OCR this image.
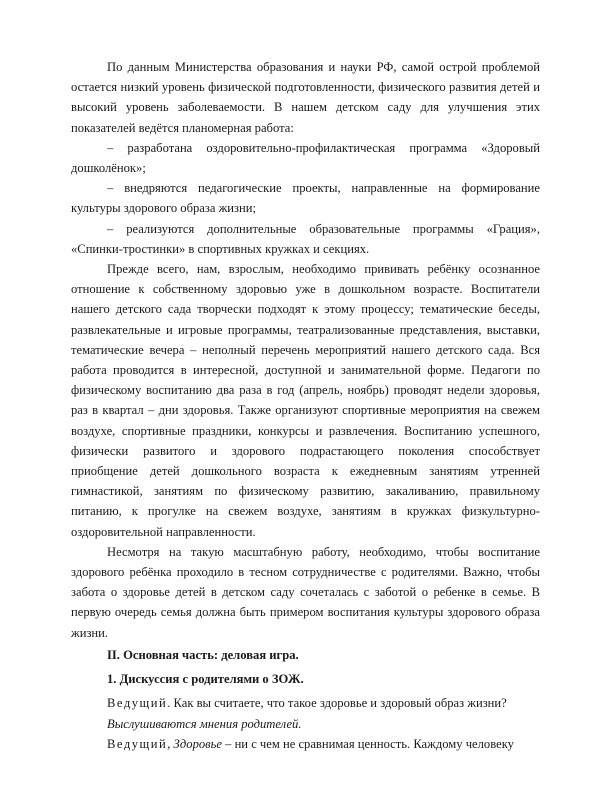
По данным Министерства образования и науки РФ, самой острой проблемой остается низкий уровень физической подготовленности, физического развития детей и высокий уровень заболеваемости. В нашем детском саду для улучшения этих показателей ведётся планомерная работа:

– разработана оздоровительно-профилактическая программа «Здоровый дошколёнок»;

– внедряются педагогические проекты, направленные на формирование культуры здорового образа жизни;

– реализуются дополнительные образовательные программы «Грация», «Спинки-тростинки» в спортивных кружках и секциях.

Прежде всего, нам, взрослым, необходимо прививать ребёнку осознанное отношение к собственному здоровью уже в дошкольном возрасте. Воспитатели нашего детского сада творчески подходят к этому процессу; тематические беседы, развлекательные и игровые программы, театрализованные представления, выставки, тематические вечера – неполный перечень мероприятий нашего детского сада. Вся работа проводится в интересной, доступной и занимательной форме. Педагоги по физическому воспитанию два раза в год (апрель, ноябрь) проводят недели здоровья, раз в квартал – дни здоровья. Также организуют спортивные мероприятия на свежем воздухе, спортивные праздники, конкурсы и развлечения. Воспитанию успешного, физически развитого и здорового подрастающего поколения способствует приобщение детей дошкольного возраста к ежедневным занятиям утренней гимнастикой, занятиям по физическому развитию, закаливанию, правильному питанию, к прогулке на свежем воздухе, занятиям в кружках физкультурно-оздоровительной направленности.

Несмотря на такую масштабную работу, необходимо, чтобы воспитание здорового ребёнка проходило в тесном сотрудничестве с родителями. Важно, чтобы забота о здоровье детей в детском саду сочеталась с заботой о ребенке в семье. В первую очередь семья должна быть примером воспитания культуры здорового образа жизни.

II. Основная часть: деловая игра.

1. Дискуссия с родителями о ЗОЖ.

Ведущий. Как вы считаете, что такое здоровье и здоровый образ жизни?

Выслушиваются мнения родителей.

Ведущий, Здоровье – ни с чем не сравнимая ценность. Каждому человеку
